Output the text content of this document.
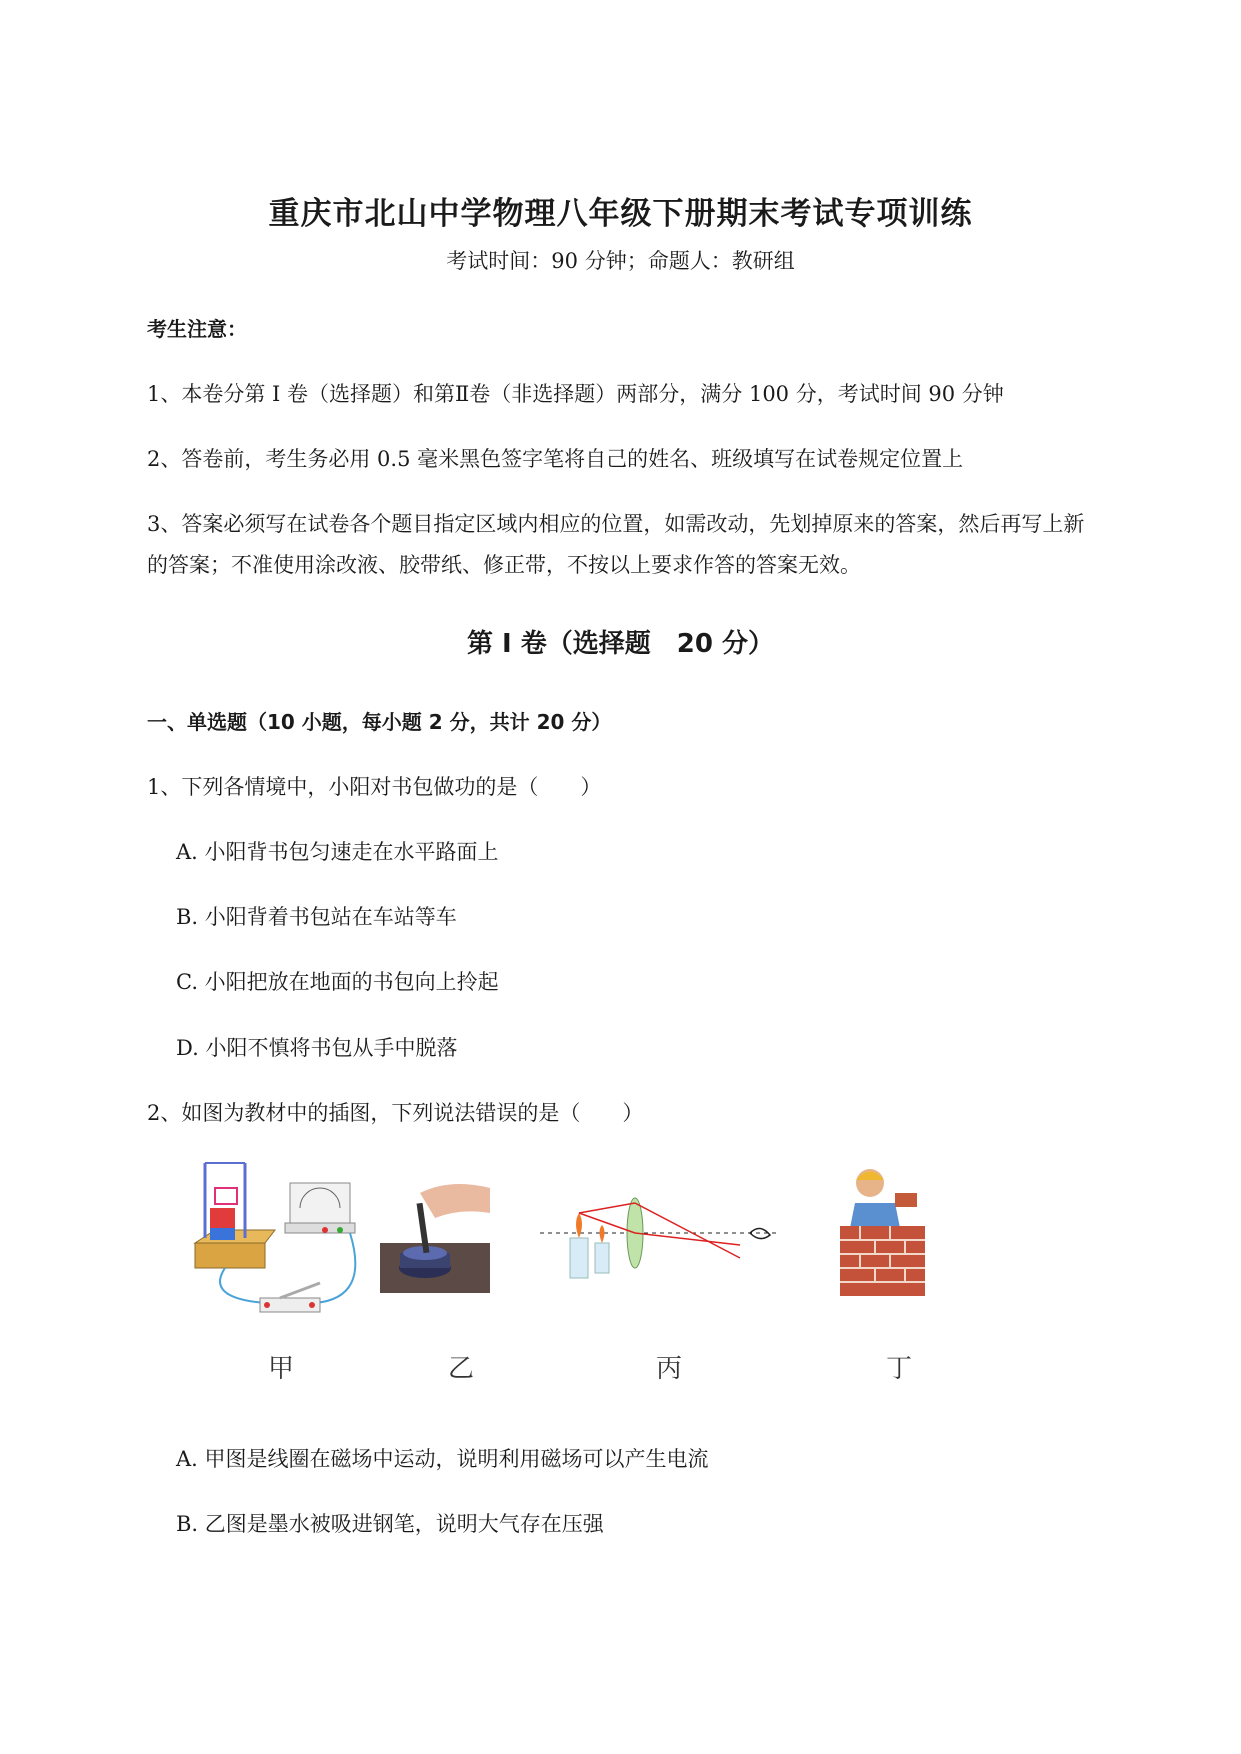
重庆市北山中学物理八年级下册期末考试专项训练
考试时间：90 分钟；命题人：教研组
考生注意：
1、本卷分第 I 卷（选择题）和第Ⅱ卷（非选择题）两部分，满分 100 分，考试时间 90 分钟
2、答卷前，考生务必用 0.5 毫米黑色签字笔将自己的姓名、班级填写在试卷规定位置上
3、答案必须写在试卷各个题目指定区域内相应的位置，如需改动，先划掉原来的答案，然后再写上新
的答案；不准使用涂改液、胶带纸、修正带，不按以上要求作答的答案无效。
第 I 卷（选择题　20 分）
一、单选题（10 小题，每小题 2 分，共计 20 分）
1、下列各情境中，小阳对书包做功的是（　　）
A. 小阳背书包匀速走在水平路面上
B. 小阳背着书包站在车站等车
C. 小阳把放在地面的书包向上拎起
D. 小阳不慎将书包从手中脱落
2、如图为教材中的插图，下列说法错误的是（　　）
甲	乙	丙	丁
A. 甲图是线圈在磁场中运动，说明利用磁场可以产生电流
B. 乙图是墨水被吸进钢笔，说明大气存在压强
